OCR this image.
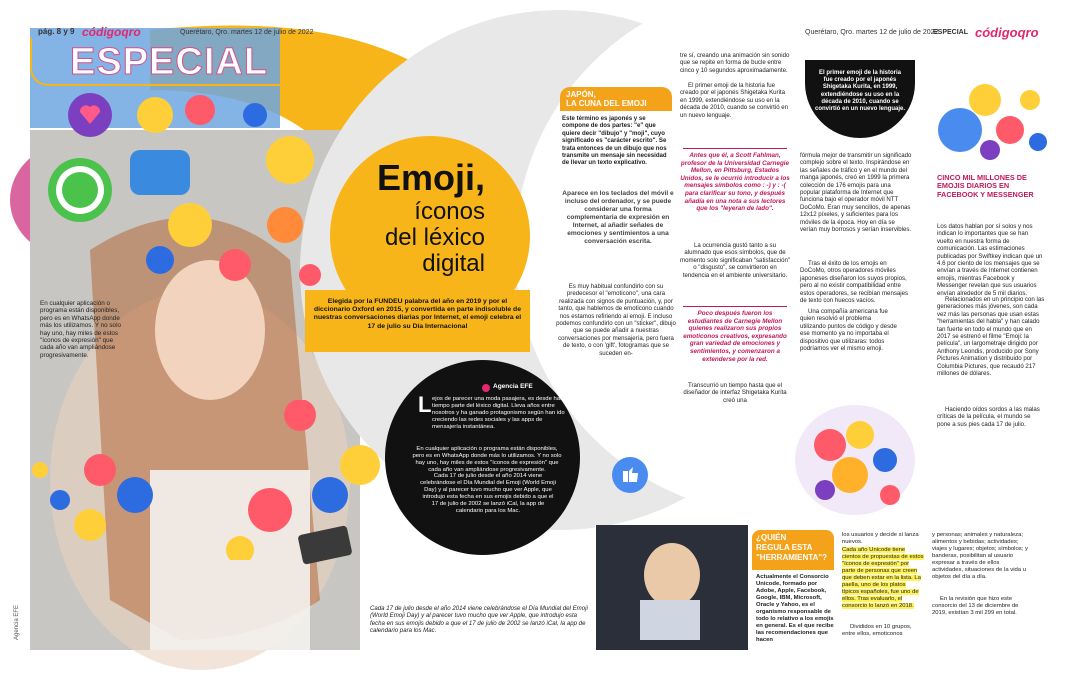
pág. 8 y 9 códigoqro	Querétaro, Qro. martes 12 de julio de 2022	Querétaro, Qro. martes 12 de julio de 2022
ESPECIAL códigoqro
ESPECIAL
Emoji,
íconos
del léxico
digital
Elegida por la FUNDEU palabra del año en 2019 y por el diccionario Oxford en 2015, y convertida en parte indisoluble de nuestras conversaciones diarias por Internet, el emoji celebra el 17 de julio su Día Internacional
En cualquier aplicación o programa están disponibles, pero es en WhatsApp donde más los utilizamos. Y no solo hay uno, hay miles de estos "íconos de expresión" que cada año van ampliándose progresivamente.
Agencia EFE
L ejos de parecer una moda pasajera, es desde hace tiempo parte del léxico digital. Lleva años entre nosotros y ha ganado protagonismo según han ido creciendo las redes sociales y las apps de mensajería instantánea.
En cualquier aplicación o programa están disponibles, pero es en WhatsApp donde más lo utilizamos. Y no solo hay uno, hay miles de estos "íconos de expresión" que cada año van ampliándose progresivamente.
Cada 17 de julio desde el año 2014 viene celebrándose el Día Mundial del Emoji (World Emoji Day) y al parecer tuvo mucho que ver Apple, que introdujo esta fecha en sus emojis debido a que el 17 de julio de 2002 se lanzó iCal, la app de calendario para los Mac.
Cada 17 de julio desde el año 2014 viene celebrándose el Día Mundial del Emoji (World Emoji Day) y al parecer tuvo mucho que ver Apple, que introdujo esta fecha en sus emojis debido a que el 17 de julio de 2002 se lanzó iCal, la app de calendario para los Mac.
Agencia EFE
JAPÓN,
LA CUNA DEL EMOJI
Este término es japonés y se compone de dos partes: "e" que quiere decir "dibujo" y "moji", cuyo significado es "carácter escrito". Se trata entonces de un dibujo que nos transmite un mensaje sin necesidad de llevar un texto explicativo.
Aparece en los teclados del móvil e incluso del ordenador, y se puede considerar una forma complementaria de expresión en Internet, al añadir señales de emociones y sentimientos a una conversación escrita.
Es muy habitual confundirlo con su predecesor el "emoticono", una cara realizada con signos de puntuación, y, por tanto, que hablemos de emoticono cuando nos estamos refiriendo al emoji. E incluso podemos confundirlo con un "sticker", dibujo que se puede añadir a nuestras conversaciones por mensajería, pero fuera de texto, o con 'gift', fotogramas que se suceden en-
tre sí, creando una animación sin sonido que se repite en forma de bucle entre cinco y 10 segundos aproximadamente.
El primer emoji de la historia fue creado por el japonés Shigetaka Kurita en 1999, extendiéndose su uso en la década de 2010, cuando se convirtió en un nuevo lenguaje.
Antes que él, a Scott Fahlman, profesor de la Universidad Carnegie Mellon, en Pittsburg, Estados Unidos, se le ocurrió introducir a los mensajes símbolos como : -) y : -( para clarificar su tono, y después añadía en una nota a sus lectores que los "leyeran de lado".
La ocurrencia gustó tanto a su alumnado que esos símbolos, que de momento solo significaban "satisfacción" o "disgusto", se convirtieron en tendencia en el ambiente universitario.
Poco después fueron los estudiantes de Carnegie Mellon quienes realizaron sus propios emoticonos creativos, expresando gran variedad de emociones y sentimientos, y comenzaron a extenderse por la red.
Transcurrió un tiempo hasta que el diseñador de interfaz Shigetaka Kurita creó una
El primer emoji de la historia fue creado por el japonés Shigetaka Kurita, en 1999, extendiéndose su uso en la década de 2010, cuando se convirtió en un nuevo lenguaje.
fórmula mejor de transmitir un significado complejo sobre el texto. Inspirándose en las señales de tráfico y en el mundo del manga japonés, creó en 1999 la primera colección de 176 emojis para una popular plataforma de Internet que funciona bajo el operador móvil NTT DoCoMo. Eran muy sencillos, de apenas 12x12 píxeles, y suficientes para los móviles de la época. Hoy en día se verían muy borrosos y serían inservibles.
Tras el éxito de los emojis en DoCoMo, otros operadores móviles japoneses diseñaron los suyos propios, pero al no existir compatibilidad entre estos operadores, se recibían mensajes de texto con huecos vacíos.
Una compañía americana fue quien resolvió el problema utilizando puntos de código y desde ese momento ya no importaba el dispositivo que utilizaras: todos podríamos ver el mismo emoji.
CINCO MIL MILLONES DE EMOJIS DIARIOS EN FACEBOOK Y MESSENGER
Los datos hablan por sí solos y nos indican lo importantes que se han vuelto en nuestra forma de comunicación. Las estimaciones publicadas por Swiftkey indican que un 4.6 por ciento de los mensajes que se envían a través de Internet contienen emojis, mientras Facebook y Messenger revelan que sus usuarios envían alrededor de 5 mil diarios.
Relacionados en un principio con las generaciones más jóvenes, son cada vez más las personas que usan estas "herramientas del habla" y han calado tan fuerte en todo el mundo que en 2017 se estrenó el filme "Emoji: la película", un largometraje dirigido por Anthony Leondis, producido por Sony Pictures Animation y distribuido por Columbia Pictures, que recaudó 217 millones de dólares.
Haciendo oídos sordos a las malas críticas de la película, el mundo se pone a sus pies cada 17 de julio.
¿QUIÉN
REGULA ESTA
"HERRAMIENTA"?
Actualmente el Consorcio Unicode, formado por Adobe, Apple, Facebook, Google, IBM, Microsoft, Oracle y Yahoo, es el organismo responsable de todo lo relativo a los emojis en general. Es el que recibe las recomendaciones que hacen
los usuarios y decide si lanza nuevos.
Cada año Unicode tiene cientos de propuestas de estos "íconos de expresión" por parte de personas que creen que deben estar en la lista. La paella, uno de los platos típicos españoles, fue uno de ellos. Tras evaluarlo, el consorcio lo lanzó en 2018.
Divididos en 10 grupos, entre ellos, emoticonos
En la revisión que hizo este consorcio del 13 de diciembre de 2019, existían 3 mil 299 en total.
y personas; animales y naturaleza; alimentos y bebidas; actividades; viajes y lugares; objetos; símbolos; y banderas, posibilitan al usuario expresar a través de ellos actividades, situaciones de la vida u objetos del día a día.
